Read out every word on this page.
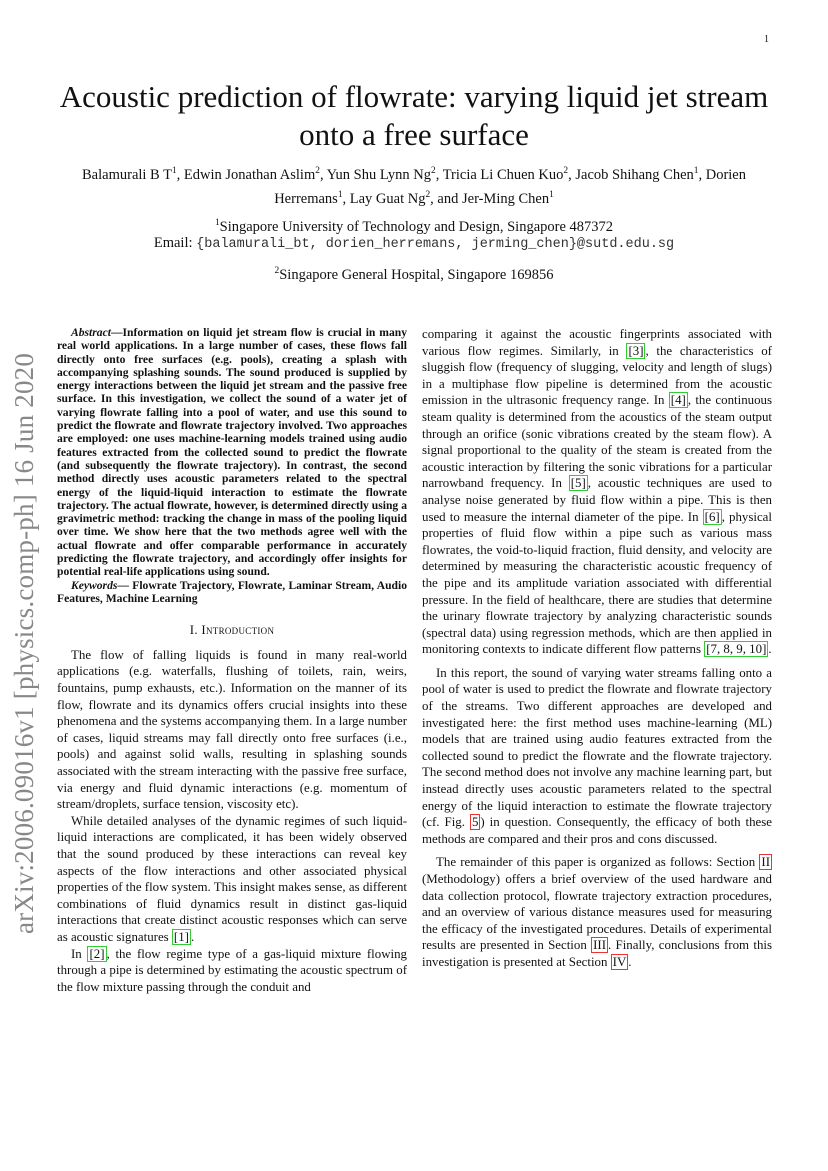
1
arXiv:2006.09016v1 [physics.comp-ph] 16 Jun 2020
Acoustic prediction of flowrate: varying liquid jet stream onto a free surface

Balamurali B $T^1$, Edwin Jonathan Aslim$^2$, Yun Shu Lynn Ng$^2$, Tricia Li Chuen Kuo$^2$, Jacob Shihang Chen$^1$, Dorien Herremans$^1$, Lay Guat Ng$^2$, and Jer-Ming Chen$^1$

$^1$Singapore University of Technology and Design, Singapore 487372

Email: {balamurali_bt, dorien_herremans, jerming_chen}@sutd.edu.sg

$^2$Singapore General Hospital, Singapore 169856

Abstract—Information on liquid jet stream flow is crucial in many real world applications. In a large number of cases, these flows fall directly onto free surfaces (e.g. pools), creating a splash with accompanying splashing sounds. The sound produced is supplied by energy interactions between the liquid jet stream and the passive free surface. In this investigation, we collect the sound of a water jet of varying flowrate falling into a pool of water, and use this sound to predict the flowrate and flowrate trajectory involved. Two approaches are employed: one uses machine-learning models trained using audio features extracted from the collected sound to predict the flowrate (and subsequently the flowrate trajectory). In contrast, the second method directly uses acoustic parameters related to the spectral energy of the liquid-liquid interaction to estimate the flowrate trajectory. The actual flowrate, however, is determined directly using a gravimetric method: tracking the change in mass of the pooling liquid over time. We show here that the two methods agree well with the actual flowrate and offer comparable performance in accurately predicting the flowrate trajectory, and accordingly offer insights for potential real-life applications using sound.

Keywords— Flowrate Trajectory, Flowrate, Laminar Stream, Audio Features, Machine Learning

I. Introduction

The flow of falling liquids is found in many real-world applications (e.g. waterfalls, flushing of toilets, rain, weirs, fountains, pump exhausts, etc.). Information on the manner of its flow, flowrate and its dynamics offers crucial insights into these phenomena and the systems accompanying them. In a large number of cases, liquid streams may fall directly onto free surfaces (i.e., pools) and against solid walls, resulting in splashing sounds associated with the stream interacting with the passive free surface, via energy and fluid dynamic interactions (e.g. momentum of stream/droplets, surface tension, viscosity etc).

While detailed analyses of the dynamic regimes of such liquid-liquid interactions are complicated, it has been widely observed that the sound produced by these interactions can reveal key aspects of the flow interactions and other associated physical properties of the flow system. This insight makes sense, as different combinations of fluid dynamics result in distinct gas-liquid interactions that create distinct acoustic responses which can serve as acoustic signatures [1] .

In [2] , the flow regime type of a gas-liquid mixture flowing through a pipe is determined by estimating the acoustic spectrum of the flow mixture passing through the conduit and

comparing it against the acoustic fingerprints associated with various flow regimes. Similarly, in [3] , the characteristics of sluggish flow (frequency of slugging, velocity and length of slugs) in a multiphase flow pipeline is determined from the acoustic emission in the ultrasonic frequency range. In [4] , the continuous steam quality is determined from the acoustics of the steam output through an orifice (sonic vibrations created by the steam flow). A signal proportional to the quality of the steam is created from the acoustic interaction by filtering the sonic vibrations for a particular narrowband frequency. In [5] , acoustic techniques are used to analyse noise generated by fluid flow within a pipe. This is then used to measure the internal diameter of the pipe. In [6] , physical properties of fluid flow within a pipe such as various mass flowrates, the void-to-liquid fraction, fluid density, and velocity are determined by measuring the characteristic acoustic frequency of the pipe and its amplitude variation associated with differential pressure. In the field of healthcare, there are studies that determine the urinary flowrate trajectory by analyzing characteristic sounds (spectral data) using regression methods, which are then applied in monitoring contexts to indicate different flow patterns [7, 8, 9, 10] .

In this report, the sound of varying water streams falling onto a pool of water is used to predict the flowrate and flowrate trajectory of the streams. Two different approaches are developed and investigated here: the first method uses machine-learning (ML) models that are trained using audio features extracted from the collected sound to predict the flowrate and the flowrate trajectory. The second method does not involve any machine learning part, but instead directly uses acoustic parameters related to the spectral energy of the liquid interaction to estimate the flowrate trajectory (cf. Fig. 5 ) in question. Consequently, the efficacy of both these methods are compared and their pros and cons discussed.

The remainder of this paper is organized as follows: Section II (Methodology) offers a brief overview of the used hardware and data collection protocol, flowrate trajectory extraction procedures, and an overview of various distance measures used for measuring the efficacy of the investigated procedures. Details of experimental results are presented in Section III . Finally, conclusions from this investigation is presented at Section IV .
